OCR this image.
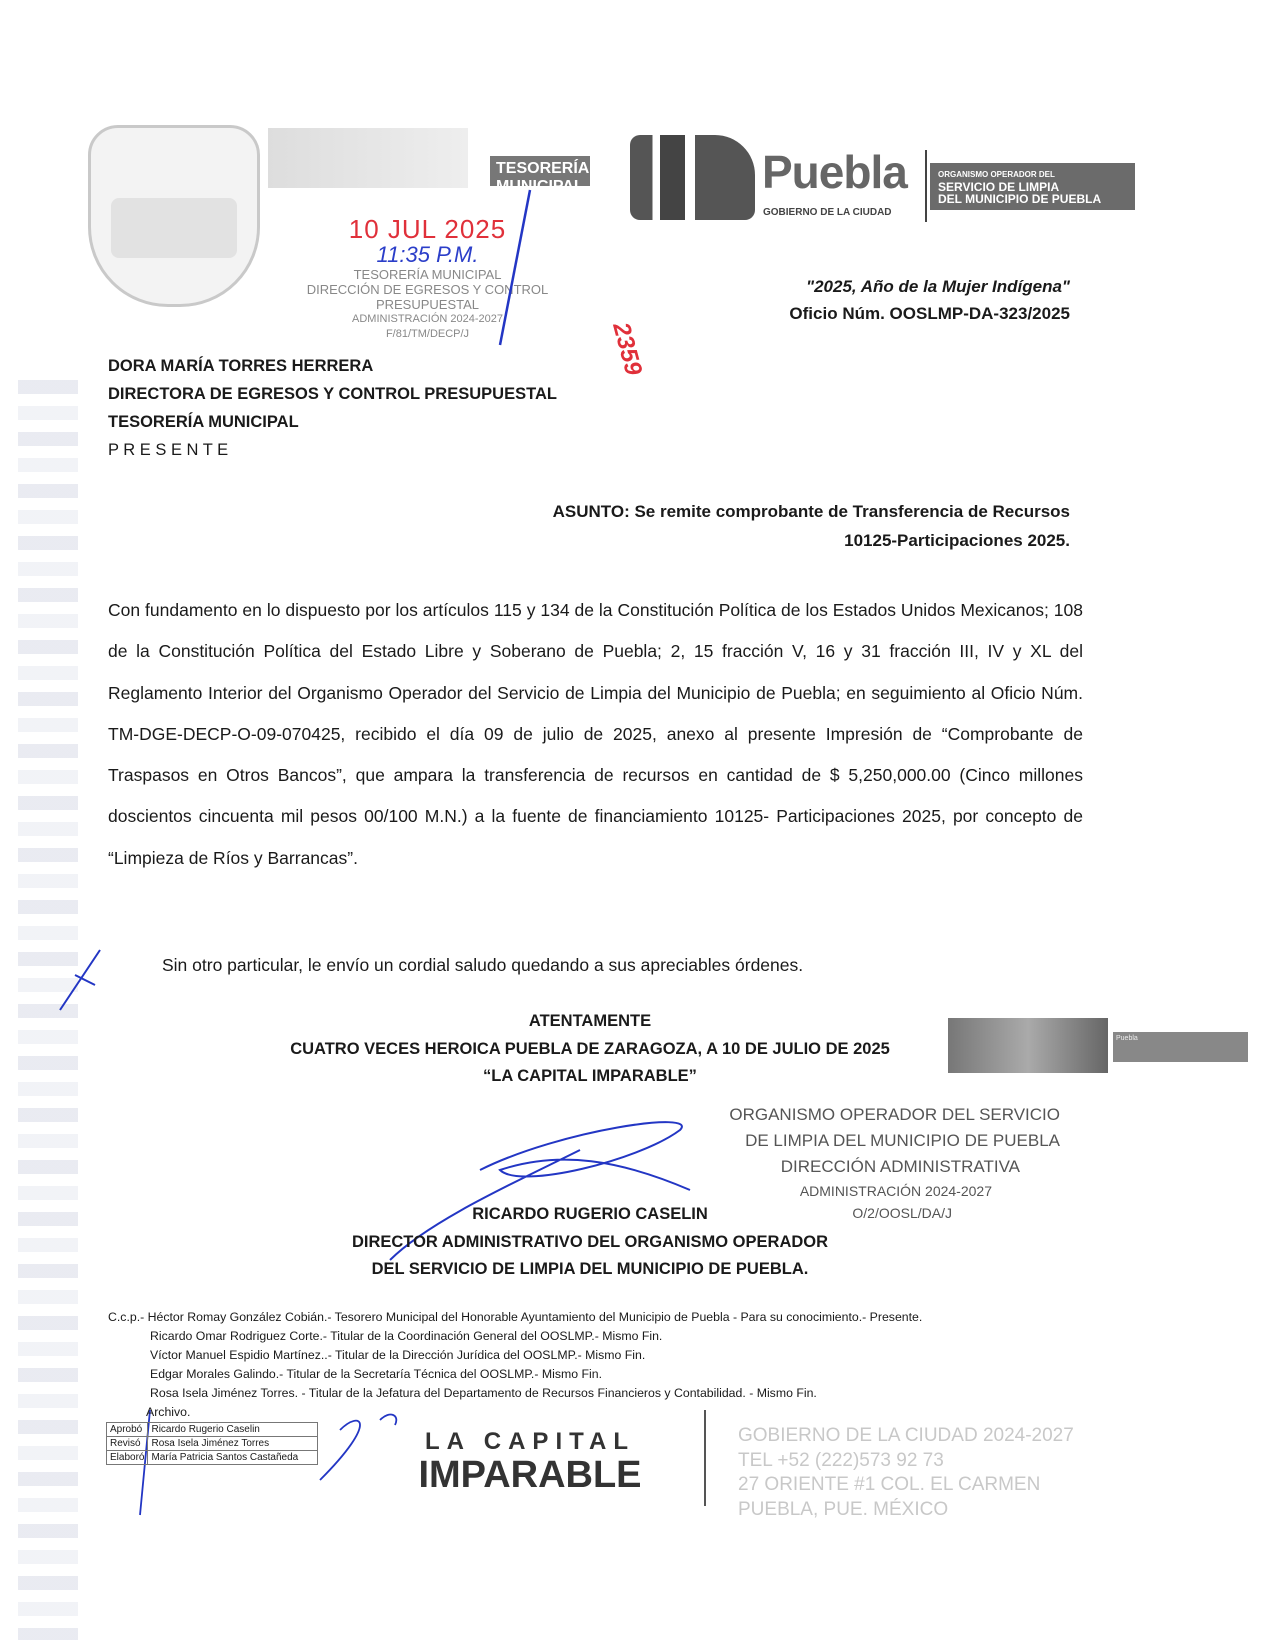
TESORERÍA MUNICIPAL
10 JUL 2025
11:35 P.M.
TESORERÍA MUNICIPAL
DIRECCIÓN DE EGRESOS Y CONTROL
PRESUPUESTAL
ADMINISTRACIÓN 2024-2027
F/81/TM/DECP/J
Puebla
GOBIERNO DE LA CIUDAD
ORGANISMO OPERADOR DEL
SERVICIO DE LIMPIA
DEL MUNICIPIO DE PUEBLA
"2025, Año de la Mujer Indígena"
Oficio Núm. OOSLMP-DA-323/2025
2359
DORA MARÍA TORRES HERRERA
DIRECTORA DE EGRESOS Y CONTROL PRESUPUESTAL
TESORERÍA MUNICIPAL
P R E S E N T E
ASUNTO: Se remite comprobante de Transferencia de Recursos
10125-Participaciones 2025.

Con fundamento en lo dispuesto por los artículos 115 y 134 de la Constitución Política de los Estados Unidos Mexicanos; 108 de la Constitución Política del Estado Libre y Soberano de Puebla; 2, 15 fracción V, 16 y 31 fracción III, IV y XL del Reglamento Interior del Organismo Operador del Servicio de Limpia del Municipio de Puebla; en seguimiento al Oficio Núm. TM-DGE-DECP-O-09-070425, recibido el día 09 de julio de 2025, anexo al presente Impresión de “Comprobante de Traspasos en Otros Bancos”, que ampara la transferencia de recursos en cantidad de $ 5,250,000.00 (Cinco millones doscientos cincuenta mil pesos 00/100 M.N.) a la fuente de financiamiento 10125- Participaciones 2025, por concepto de “Limpieza de Ríos y Barrancas”.

Sin otro particular, le envío un cordial saludo quedando a sus apreciables órdenes.

ATENTAMENTE
CUATRO VECES HEROICA PUEBLA DE ZARAGOZA, A 10 DE JULIO DE 2025
“LA CAPITAL IMPARABLE”
Puebla
ORGANISMO OPERADOR DEL SERVICIO
DE LIMPIA DEL MUNICIPIO DE PUEBLA
DIRECCIÓN ADMINISTRATIVA
ADMINISTRACIÓN 2024-2027
O/2/OOSL/DA/J
RICARDO RUGERIO CASELIN
DIRECTOR ADMINISTRATIVO DEL ORGANISMO OPERADOR
DEL SERVICIO DE LIMPIA DEL MUNICIPIO DE PUEBLA.
C.c.p.- Héctor Romay González Cobián.- Tesorero Municipal del Honorable Ayuntamiento del Municipio de Puebla - Para su conocimiento.- Presente.
Ricardo Omar Rodriguez Corte.- Titular de la Coordinación General del OOSLMP.- Mismo Fin.
Víctor Manuel Espidio Martínez..- Titular de la Dirección Jurídica del OOSLMP.- Mismo Fin.
Edgar Morales Galindo.- Titular de la Secretaría Técnica del OOSLMP.- Mismo Fin.
Rosa Isela Jiménez Torres. - Titular de la Jefatura del Departamento de Recursos Financieros y Contabilidad. - Mismo Fin.
Archivo.
Aprobó	Ricardo Rugerio Caselin
Revisó	Rosa Isela Jiménez Torres
Elaboró	María Patricia Santos Castañeda
LA CAPITAL
IMPARABLE
GOBIERNO DE LA CIUDAD 2024-2027
TEL +52 (222)573 92 73
27 ORIENTE #1 COL. EL CARMEN
PUEBLA, PUE. MÉXICO
